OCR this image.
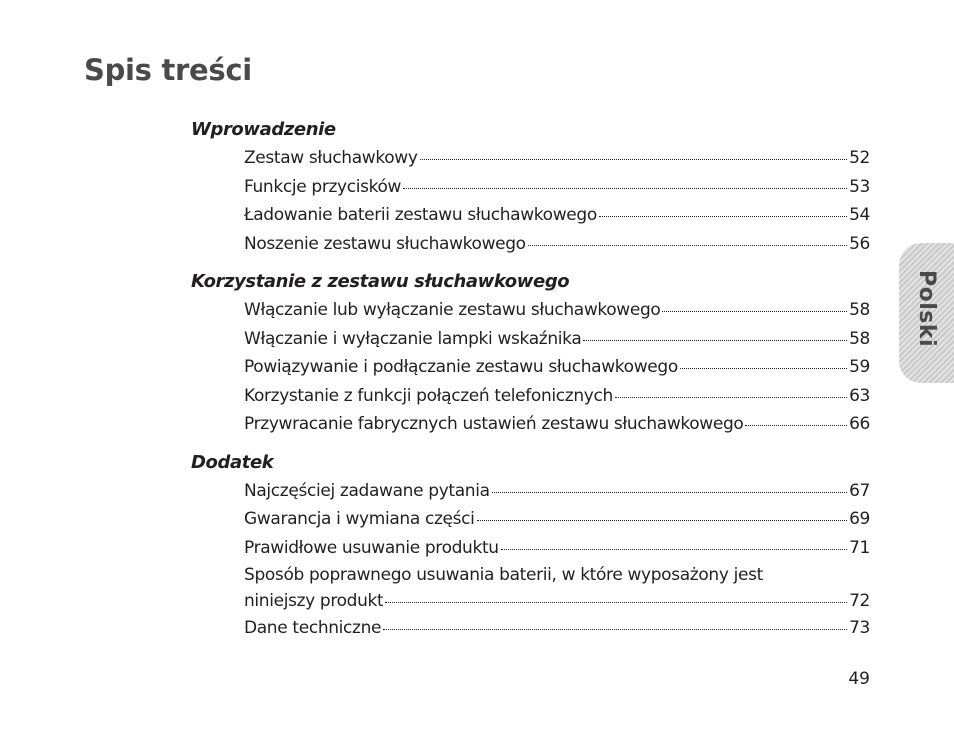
Spis treści
Wprowadzenie
Zestaw słuchawkowy	52
Funkcje przycisków	53
Ładowanie baterii zestawu słuchawkowego	54
Noszenie zestawu słuchawkowego	56
Korzystanie z zestawu słuchawkowego
Włączanie lub wyłączanie zestawu słuchawkowego	58
Włączanie i wyłączanie lampki wskaźnika	58
Powiązywanie i podłączanie zestawu słuchawkowego	59
Korzystanie z funkcji połączeń telefonicznych	63
Przywracanie fabrycznych ustawień zestawu słuchawkowego	66
Dodatek
Najczęściej zadawane pytania	67
Gwarancja i wymiana części	69
Prawidłowe usuwanie produktu	71
Sposób poprawnego usuwania baterii, w które wyposażony jest
niniejszy produkt	72
Dane techniczne	73
Polski
49
